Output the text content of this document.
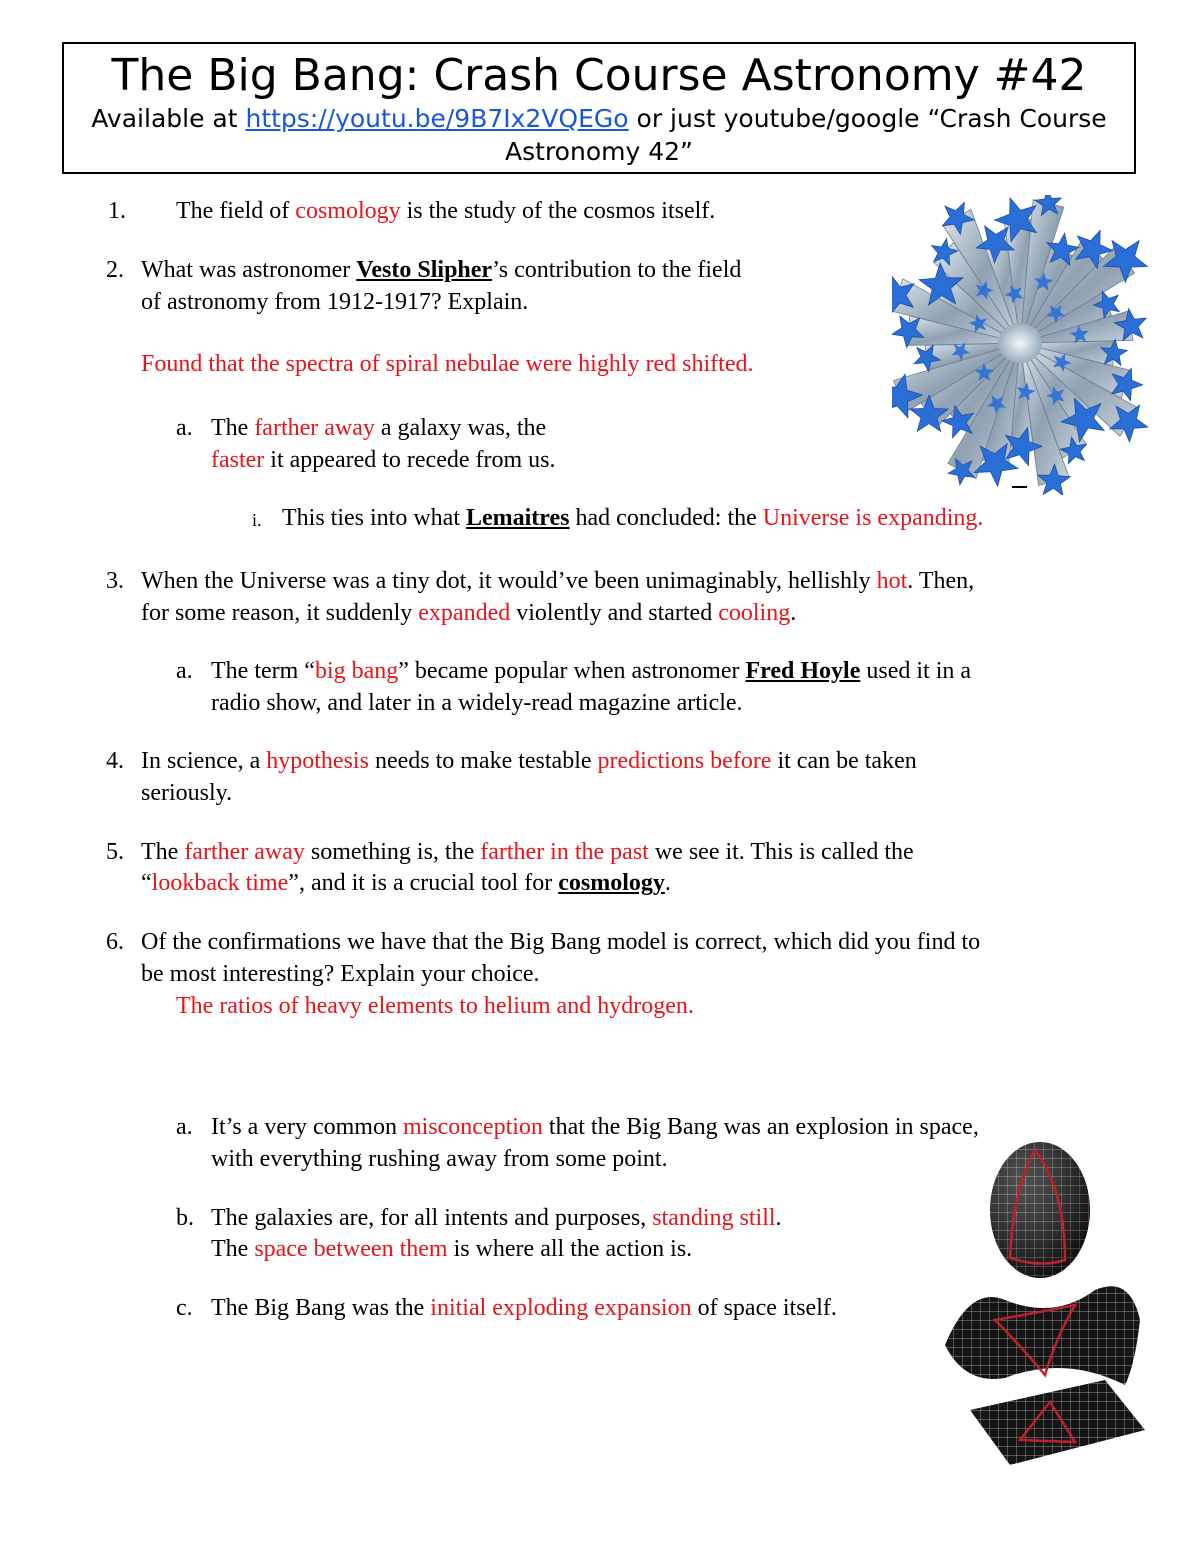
The Big Bang: Crash Course Astronomy #42
Available at https://youtu.be/9B7Ix2VQEGo or just youtube/google “Crash Course Astronomy 42”
1. The field of cosmology is the study of the cosmos itself.
2. What was astronomer Vesto Slipher’s contribution to the field
of astronomy from 1912-1917? Explain.
Found that the spectra of spiral nebulae were highly red shifted.
a. The farther away a galaxy was, the
faster it appeared to recede from us.
i. This ties into what Lemaitres had concluded: the Universe is expanding.
3. When the Universe was a tiny dot, it would’ve been unimaginably, hellishly hot. Then,
for some reason, it suddenly expanded violently and started cooling.
a. The term “big bang” became popular when astronomer Fred Hoyle used it in a
radio show, and later in a widely-read magazine article.
4. In science, a hypothesis needs to make testable predictions before it can be taken
seriously.
5. The farther away something is, the farther in the past we see it. This is called the
“lookback time”, and it is a crucial tool for cosmology.
6. Of the confirmations we have that the Big Bang model is correct, which did you find to
be most interesting? Explain your choice.
The ratios of heavy elements to helium and hydrogen.
a. It’s a very common misconception that the Big Bang was an explosion in space,
with everything rushing away from some point.
b. The galaxies are, for all intents and purposes, standing still.
The space between them is where all the action is.
c. The Big Bang was the initial exploding expansion of space itself.
